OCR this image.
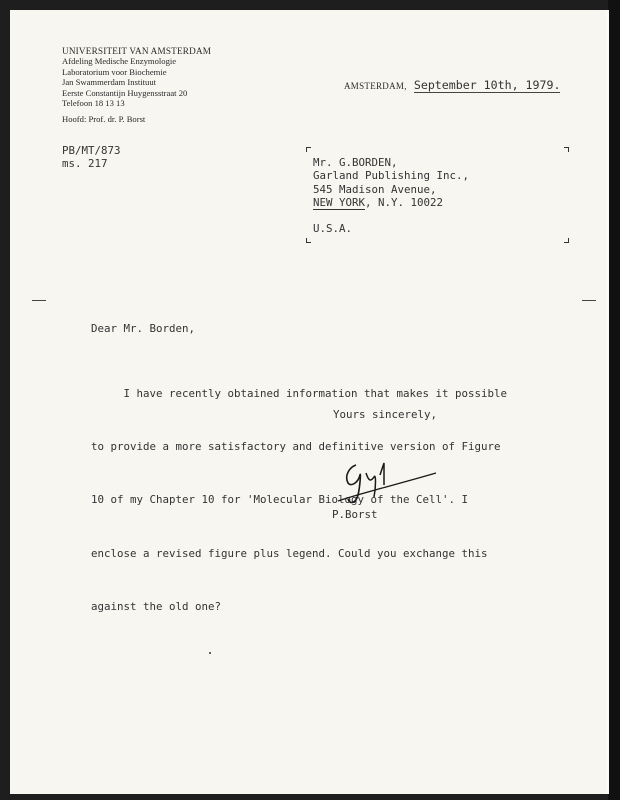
UNIVERSITEIT VAN AMSTERDAM
Afdeling Medische Enzymologie
Laboratorium voor Biochemie
Jan Swammerdam Instituut
Eerste Constantijn Huygensstraat 20
Telefoon 18 13 13
Hoofd: Prof. dr. P. Borst
AMSTERDAM, September 10th, 1979.
PB/MT/873
ms. 217	Mr. G.BORDEN,
Garland Publishing Inc.,
545 Madison Avenue,
NEW YORK, N.Y. 10022
U.S.A.
Dear Mr. Borden,

I have recently obtained information that makes it possible

to provide a more satisfactory and definitive version of Figure

10 of my Chapter 10 for 'Molecular Biology of the Cell'. I

enclose a revised figure plus legend. Could you exchange this

against the old one?

Yours sincerely,
P.Borst
